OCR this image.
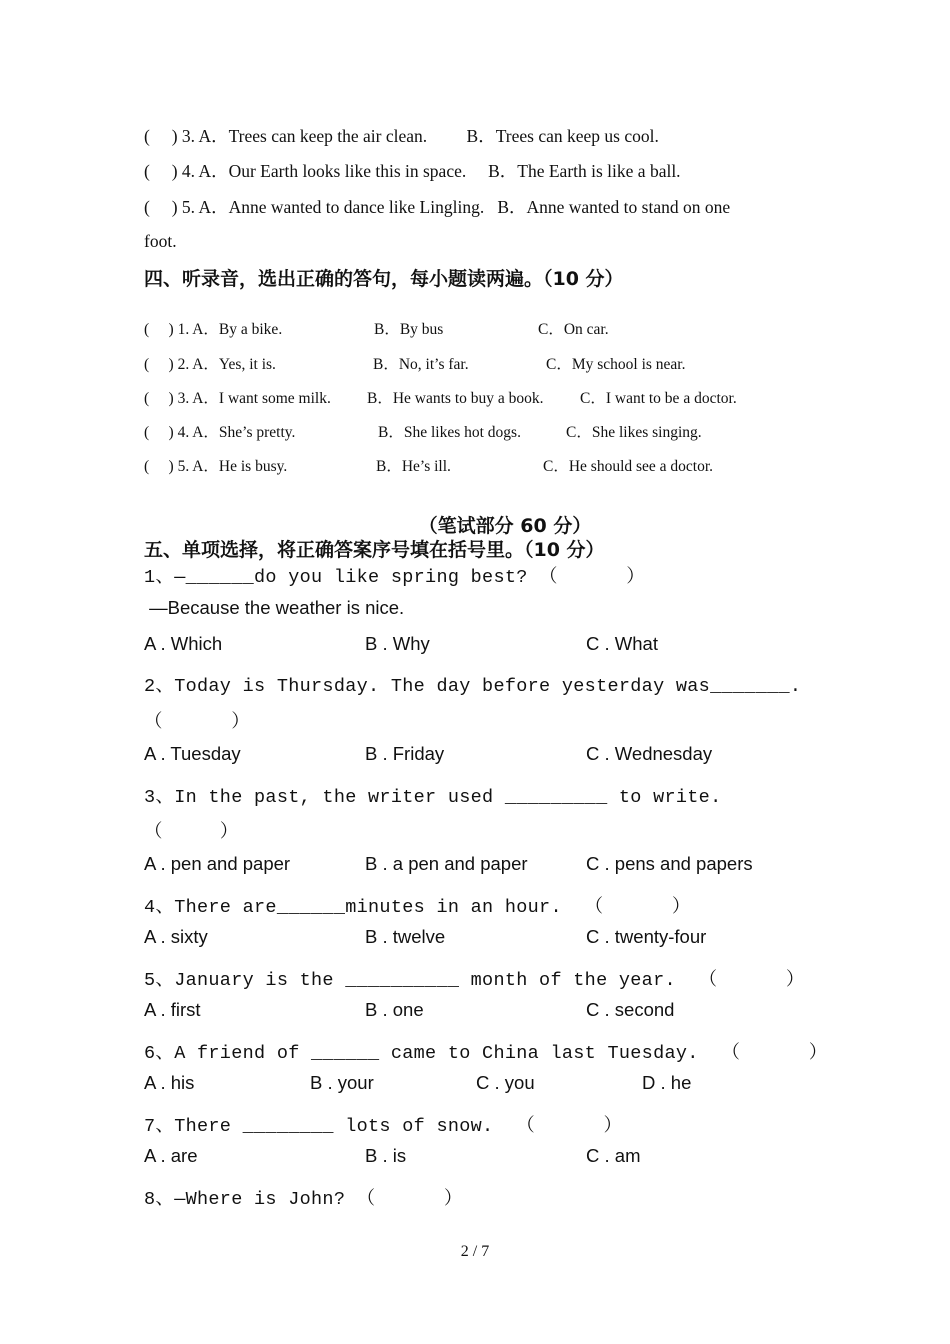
(     ) 3. A．Trees can keep the air clean.         B．Trees can keep us cool.
(     ) 4. A．Our Earth looks like this in space.     B．The Earth is like a ball.
(     ) 5. A．Anne wanted to dance like Lingling.   B．Anne wanted to stand on one
foot.
四、听录音，选出正确的答句，每小题读两遍。（10 分）
(     ) 1. A．By a bike.	B．By bus	C．On car.
(     ) 2. A．Yes, it is.	B．No, it’s far.	C．My school is near.
(     ) 3. A．I want some milk. B．He wants to buy a book. C．I want to be a doctor.
(     ) 4. A．She’s pretty.	B．She likes hot dogs.	C．She likes singing.
(     ) 5. A．He is busy.	B．He’s ill.	C．He should see a doctor.
（笔试部分 60 分）
五、单项选择，将正确答案序号填在括号里。（10 分）
1、—______do you like spring best? （      ）
—Because the weather is nice.
A . Which	B . Why	C . What
2、Today is Thursday. The day before yesterday was_______.
（      ）
A . Tuesday	B . Friday	C . Wednesday
3、In the past, the writer used _________ to write.
（     ）
A . pen and paper	B . a pen and paper	C . pens and papers
4、There are______minutes in an hour.  （      ）
A . sixty	B . twelve	C . twenty-four
5、January is the __________ month of the year.  （      ）
A . first	B . one	C . second
6、A friend of ______ came to China last Tuesday.  （      ）
A . his	B . your	C . you	D . he
7、There ________ lots of snow.  （      ）
A . are	B . is	C . am
8、—Where is John? （      ）
2 / 7
